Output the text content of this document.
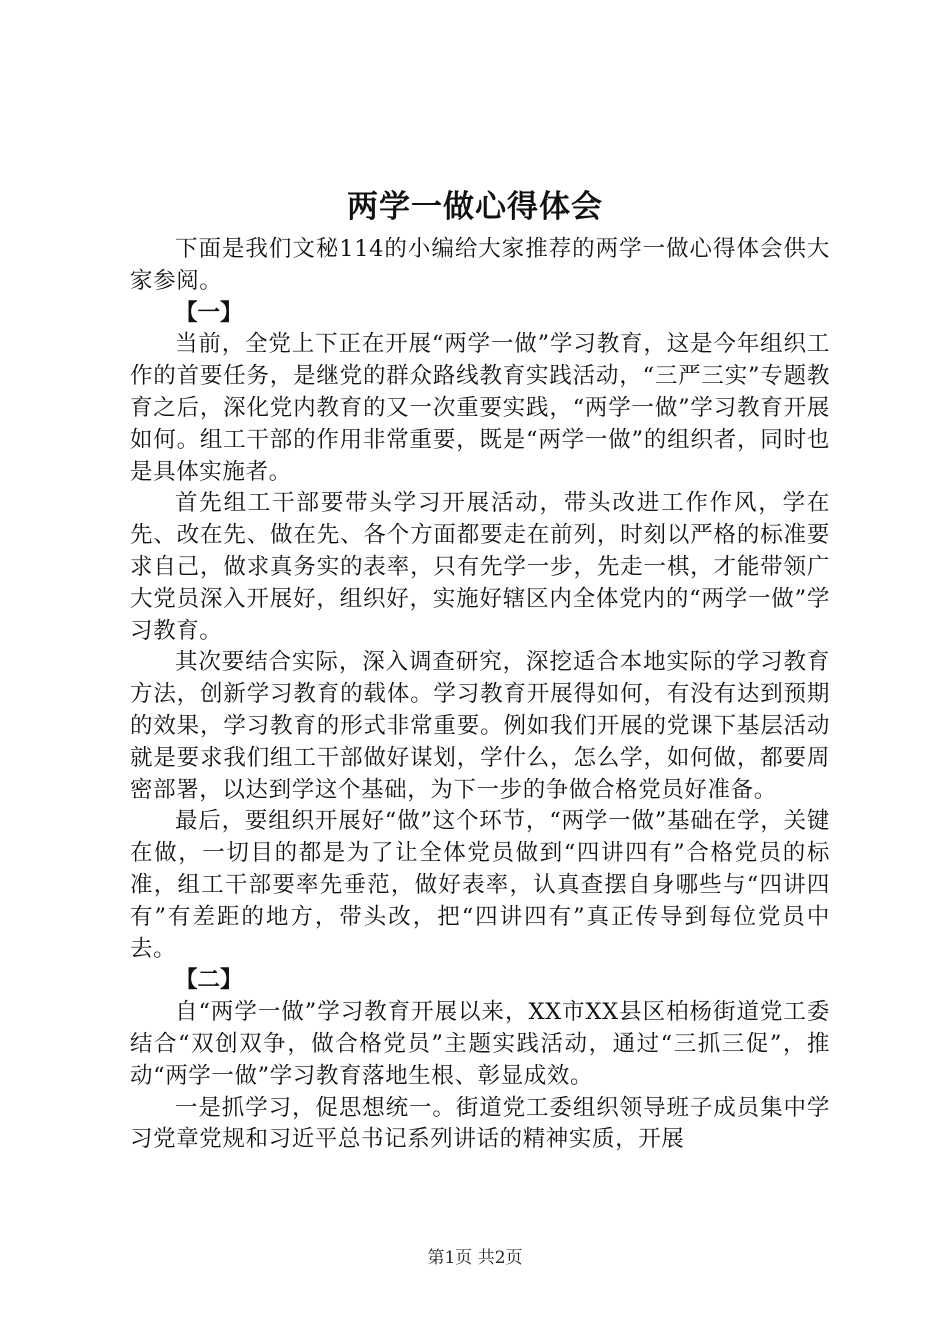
两学一做心得体会

下面是我们文秘114的小编给大家推荐的两学一做心得体会供大家参阅。

【一】

当前，全党上下正在开展“两学一做”学习教育，这是今年组织工作的首要任务，是继党的群众路线教育实践活动，“三严三实”专题教育之后，深化党内教育的又一次重要实践，“两学一做”学习教育开展如何。组工干部的作用非常重要，既是“两学一做”的组织者，同时也是具体实施者。

首先组工干部要带头学习开展活动，带头改进工作作风，学在先、改在先、做在先、各个方面都要走在前列，时刻以严格的标准要求自己，做求真务实的表率，只有先学一步，先走一棋，才能带领广大党员深入开展好，组织好，实施好辖区内全体党内的“两学一做”学习教育。

其次要结合实际，深入调查研究，深挖适合本地实际的学习教育方法，创新学习教育的载体。学习教育开展得如何，有没有达到预期的效果，学习教育的形式非常重要。例如我们开展的党课下基层活动就是要求我们组工干部做好谋划，学什么，怎么学，如何做，都要周密部署，以达到学这个基础，为下一步的争做合格党员好准备。

最后，要组织开展好“做”这个环节，“两学一做”基础在学，关键在做，一切目的都是为了让全体党员做到“四讲四有”合格党员的标准，组工干部要率先垂范，做好表率，认真查摆自身哪些与“四讲四有”有差距的地方，带头改，把“四讲四有”真正传导到每位党员中去。

【二】

自“两学一做”学习教育开展以来，XX市XX县区柏杨街道党工委结合“双创双争，做合格党员”主题实践活动，通过“三抓三促”，推动“两学一做”学习教育落地生根、彰显成效。

一是抓学习，促思想统一。街道党工委组织领导班子成员集中学习党章党规和习近平总书记系列讲话的精神实质，开展

第1页 共2页
